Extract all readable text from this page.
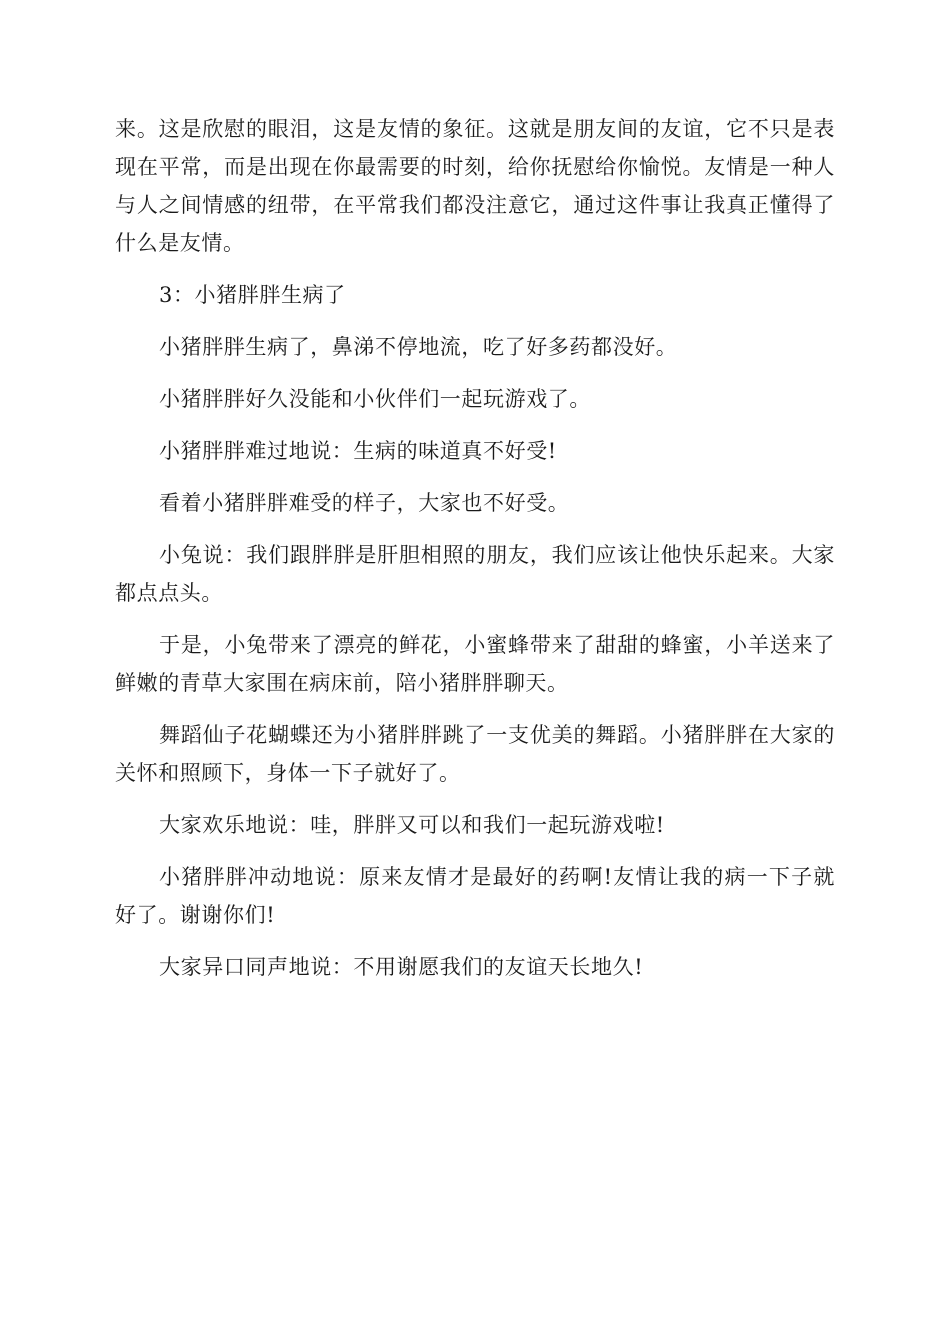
来。这是欣慰的眼泪，这是友情的象征。这就是朋友间的友谊，它不只是表现在平常，而是出现在你最需要的时刻，给你抚慰给你愉悦。友情是一种人与人之间情感的纽带，在平常我们都没注意它，通过这件事让我真正懂得了什么是友情。

3：小猪胖胖生病了

小猪胖胖生病了，鼻涕不停地流，吃了好多药都没好。

小猪胖胖好久没能和小伙伴们一起玩游戏了。

小猪胖胖难过地说：生病的味道真不好受!

看着小猪胖胖难受的样子，大家也不好受。

小兔说：我们跟胖胖是肝胆相照的朋友，我们应该让他快乐起来。大家都点点头。

于是，小兔带来了漂亮的鲜花，小蜜蜂带来了甜甜的蜂蜜，小羊送来了鲜嫩的青草大家围在病床前，陪小猪胖胖聊天。

舞蹈仙子花蝴蝶还为小猪胖胖跳了一支优美的舞蹈。小猪胖胖在大家的关怀和照顾下，身体一下子就好了。

大家欢乐地说：哇，胖胖又可以和我们一起玩游戏啦!

小猪胖胖冲动地说：原来友情才是最好的药啊!友情让我的病一下子就好了。谢谢你们!

大家异口同声地说：不用谢愿我们的友谊天长地久!
